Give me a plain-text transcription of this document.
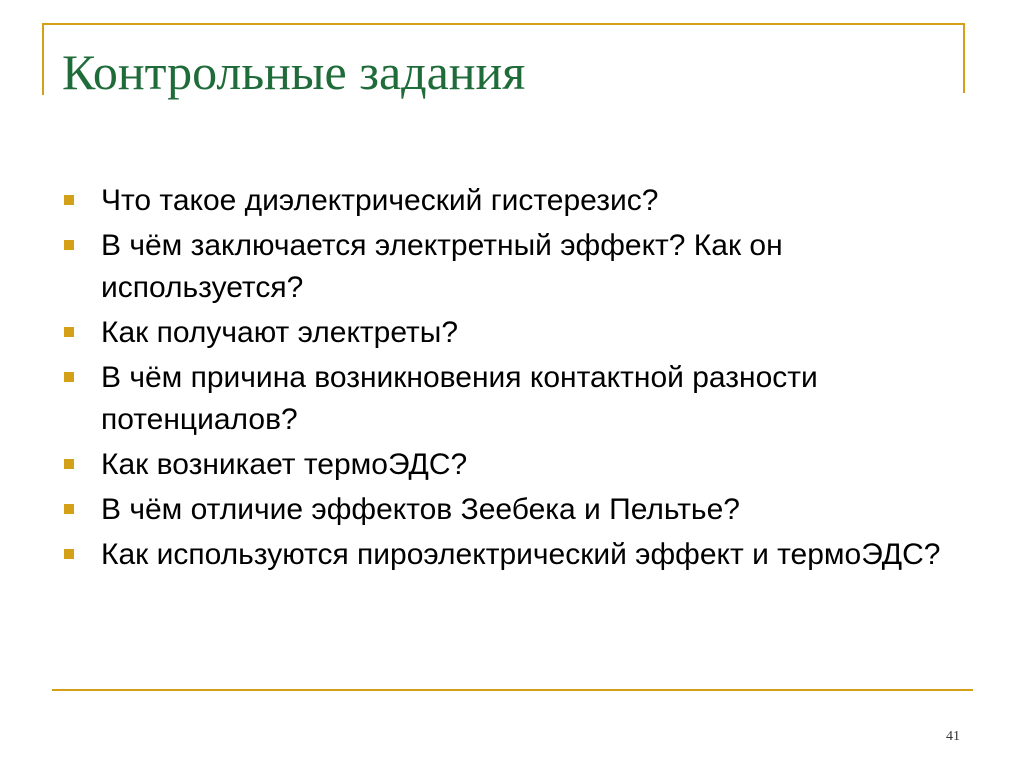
Контрольные задания
Что такое диэлектрический гистерезис?
В чём заключается электретный эффект? Как он используется?
Как получают электреты?
В чём причина возникновения контактной разности потенциалов?
Как возникает термоЭДС?
В чём отличие эффектов Зеебека и Пельтье?
Как используются пироэлектрический эффект и термоЭДС?
41
